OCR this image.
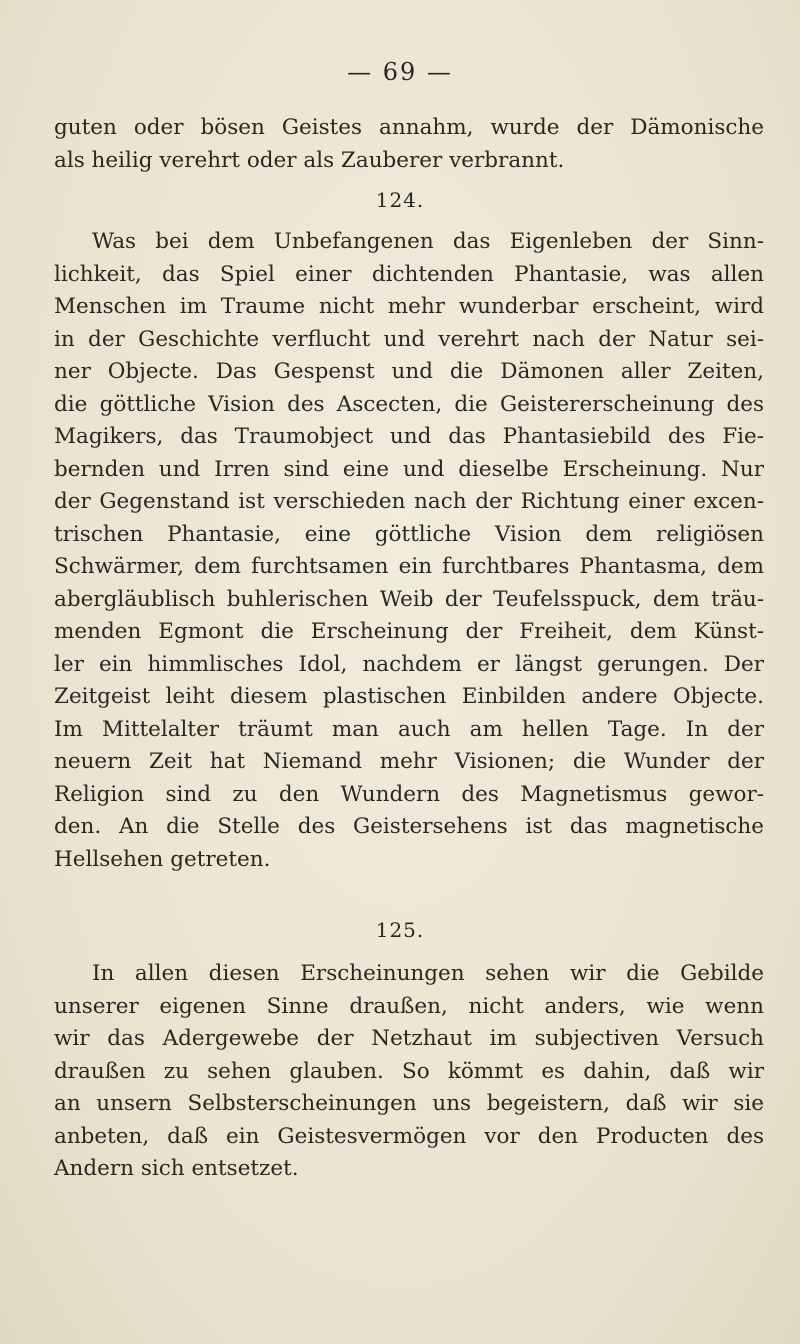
— 69 —
guten oder bösen Geistes annahm, wurde der Dämonische
als heilig verehrt oder als Zauberer verbrannt.
124.
Was bei dem Unbefangenen das Eigenleben der Sinn-
lichkeit, das Spiel einer dichtenden Phantasie, was allen
Menschen im Traume nicht mehr wunderbar erscheint, wird
in der Geschichte verflucht und verehrt nach der Natur sei-
ner Objecte. Das Gespenst und die Dämonen aller Zeiten,
die göttliche Vision des Ascecten, die Geistererscheinung des
Magikers, das Traumobject und das Phantasiebild des Fie-
bernden und Irren sind eine und dieselbe Erscheinung. Nur
der Gegenstand ist verschieden nach der Richtung einer excen-
trischen Phantasie, eine göttliche Vision dem religiösen
Schwärmer, dem furchtsamen ein furchtbares Phantasma, dem
abergläublisch buhlerischen Weib der Teufelsspuck, dem träu-
menden Egmont die Erscheinung der Freiheit, dem Künst-
ler ein himmlisches Idol, nachdem er längst gerungen. Der
Zeitgeist leiht diesem plastischen Einbilden andere Objecte.
Im Mittelalter träumt man auch am hellen Tage. In der
neuern Zeit hat Niemand mehr Visionen; die Wunder der
Religion sind zu den Wundern des Magnetismus gewor-
den. An die Stelle des Geistersehens ist das magnetische
Hellsehen getreten.
125.
In allen diesen Erscheinungen sehen wir die Gebilde
unserer eigenen Sinne draußen, nicht anders, wie wenn
wir das Adergewebe der Netzhaut im subjectiven Versuch
draußen zu sehen glauben. So kömmt es dahin, daß wir
an unsern Selbsterscheinungen uns begeistern, daß wir sie
anbeten, daß ein Geistesvermögen vor den Producten des
Andern sich entsetzet.
